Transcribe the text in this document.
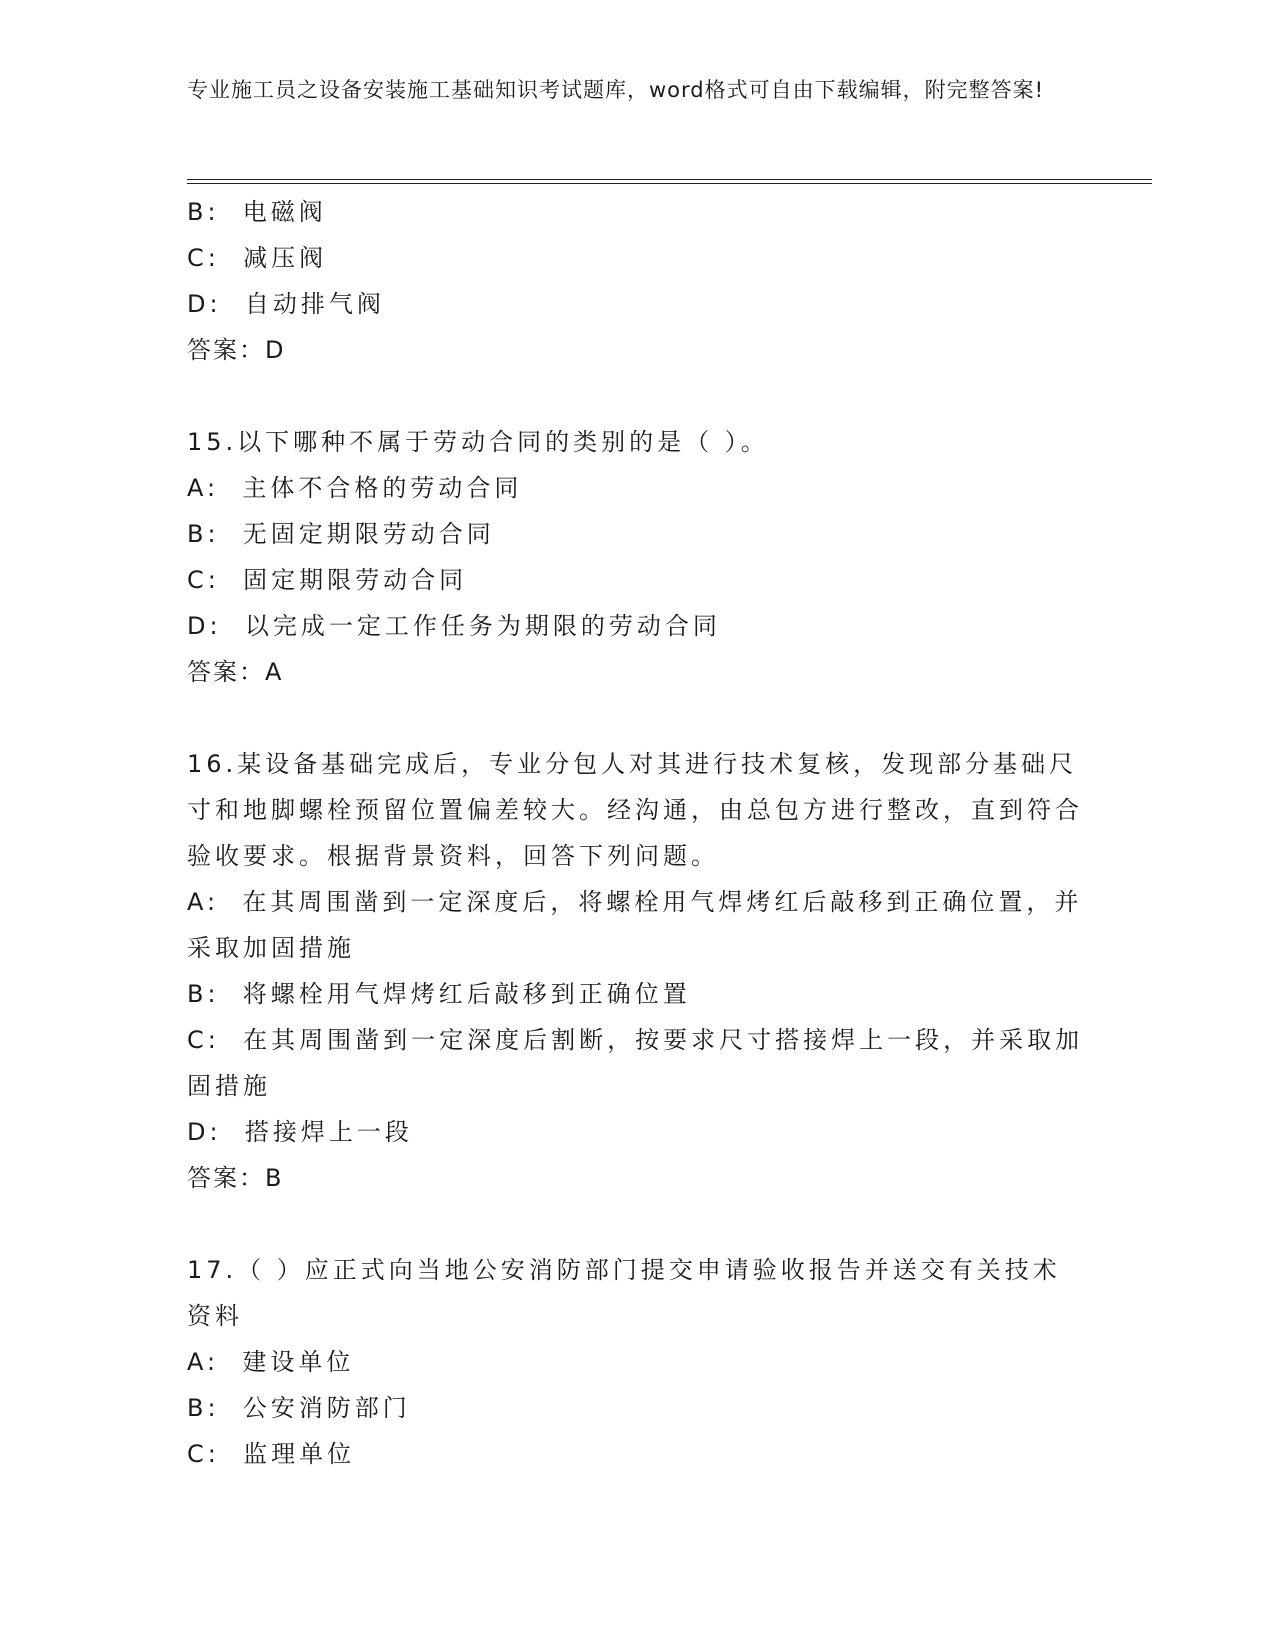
专业施工员之设备安装施工基础知识考试题库，word格式可自由下载编辑，附完整答案!

B:  电磁阀

C:  减压阀

D:  自动排气阀

答案：D

15.以下哪种不属于劳动合同的类别的是（ ）。

A:  主体不合格的劳动合同

B:  无固定期限劳动合同

C:  固定期限劳动合同

D:  以完成一定工作任务为期限的劳动合同

答案：A

16.某设备基础完成后，专业分包人对其进行技术复核，发现部分基础尺寸和地脚螺栓预留位置偏差较大。经沟通，由总包方进行整改，直到符合验收要求。根据背景资料，回答下列问题。

A:  在其周围凿到一定深度后，将螺栓用气焊烤红后敲移到正确位置，并采取加固措施

B:  将螺栓用气焊烤红后敲移到正确位置

C:  在其周围凿到一定深度后割断，按要求尺寸搭接焊上一段，并采取加固措施

D:  搭接焊上一段

答案：B

17.（ ）应正式向当地公安消防部门提交申请验收报告并送交有关技术资料

A:  建设单位

B:  公安消防部门

C:  监理单位
